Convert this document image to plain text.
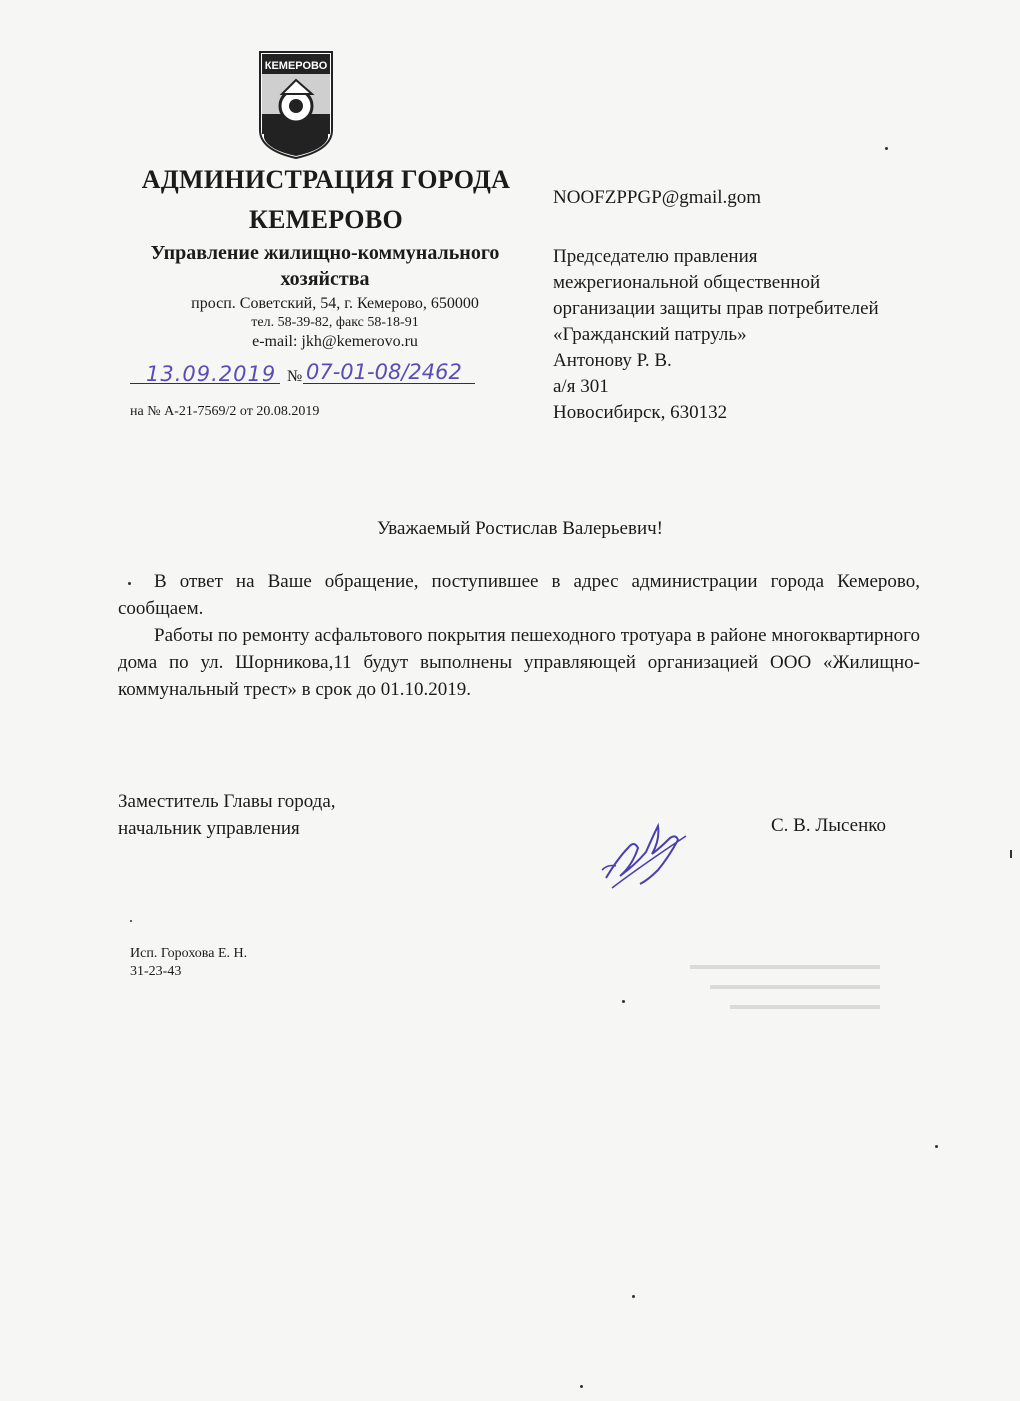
КЕМЕРОВО
АДМИНИСТРАЦИЯ ГОРОДА КЕМЕРОВО
Управление жилищно-коммунального хозяйства
просп. Советский, 54, г. Кемерово, 650000
тел. 58-39-82, факс 58-18-91
e-mail: jkh@kemerovo.ru
13.09.2019 № 07-01-08/2462
на № А-21-7569/2 от 20.08.2019
NOOFZPPGP@gmail.gom
Председателю правления
межрегиональной общественной
организации защиты прав потребителей
«Гражданский патруль»
Антонову Р. В.
а/я 301
Новосибирск, 630132
Уважаемый Ростислав Валерьевич!

В ответ на Ваше обращение, поступившее в адрес администрации города Кемерово, сообщаем.

Работы по ремонту асфальтового покрытия пешеходного тротуара в районе многоквартирного дома по ул. Шорникова,11 будут выполнены управляющей организацией ООО «Жилищно-коммунальный трест» в срок до 01.10.2019.

Заместитель Главы города,
начальник управления	С. В. Лысенко
Исп. Горохова Е. Н.
31-23-43
